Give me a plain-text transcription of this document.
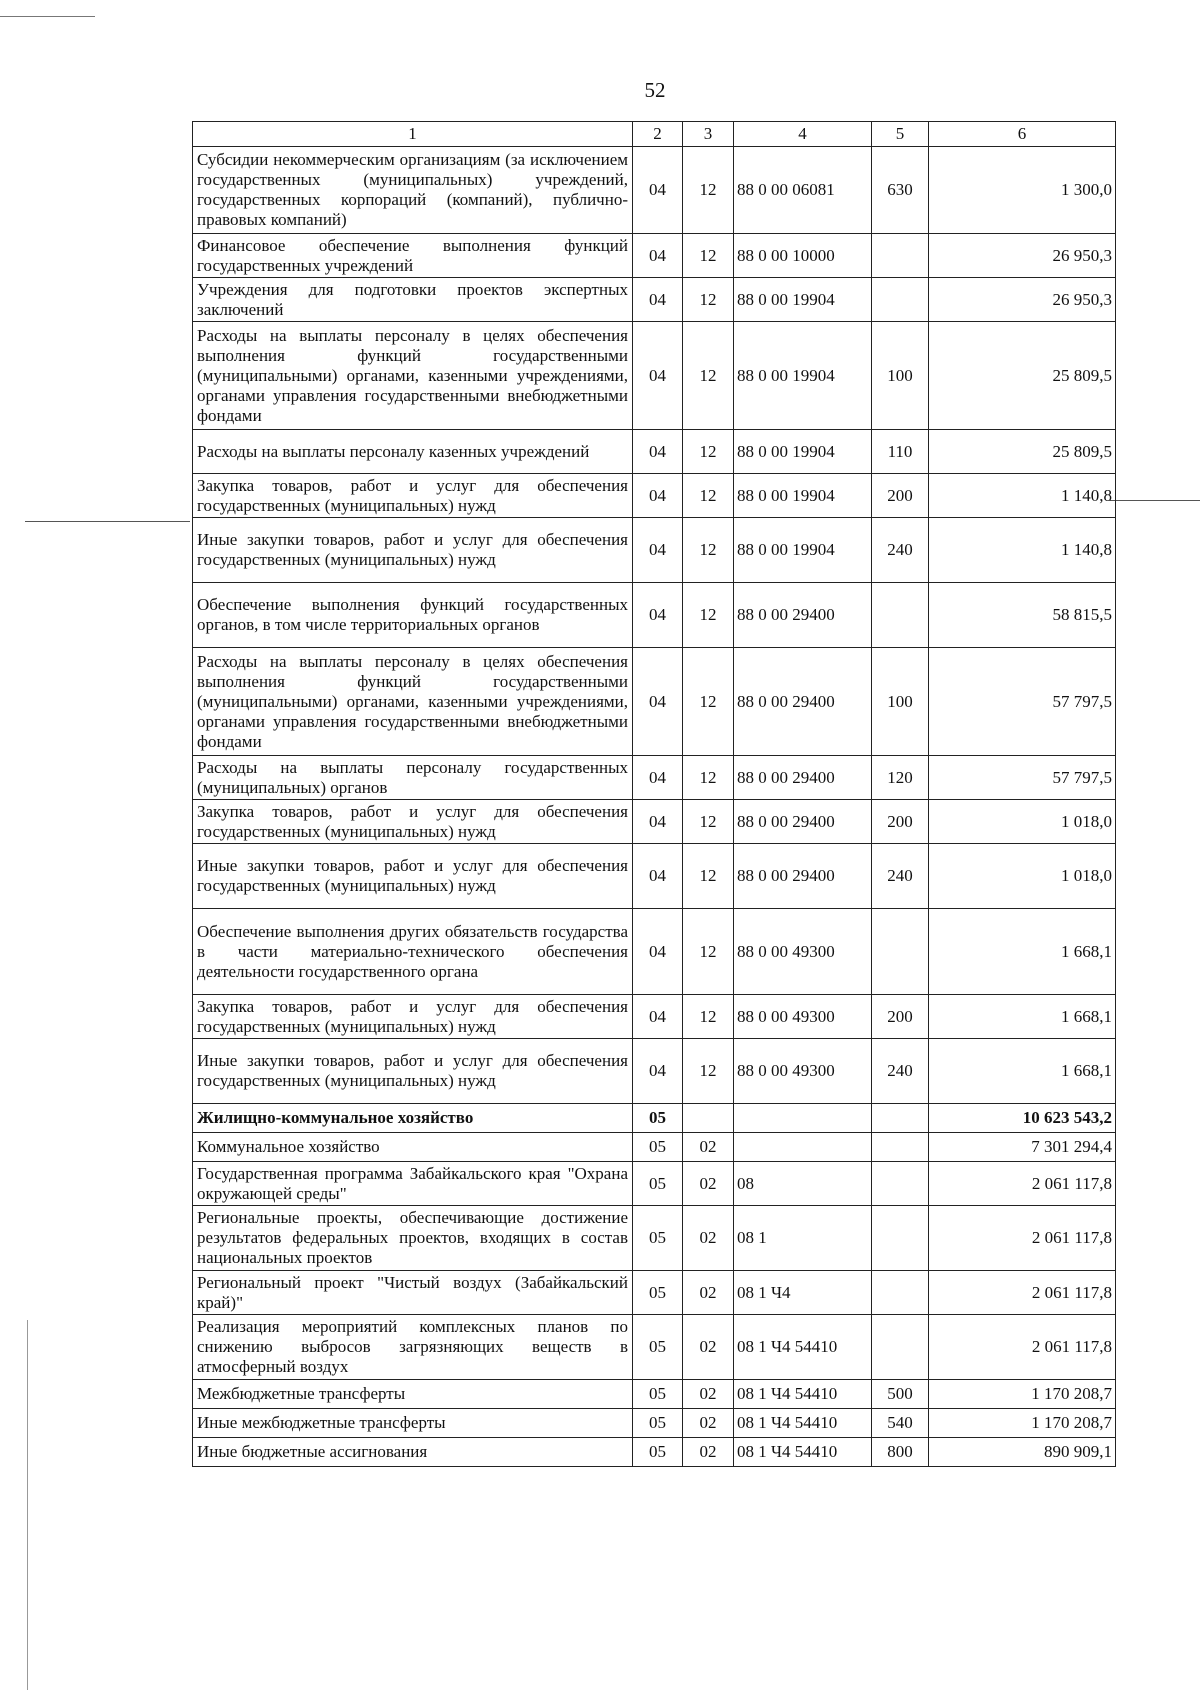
52
1	2	3	4	5	6
Субсидии некоммерческим организациям (за исключением государственных (муниципальных) учреждений, государственных корпораций (компаний), публично-правовых компаний)	04	12	88 0 00 06081	630	1 300,0
Финансовое обеспечение выполнения функций государственных учреждений	04	12	88 0 00 10000		26 950,3
Учреждения для подготовки проектов экспертных заключений	04	12	88 0 00 19904		26 950,3
Расходы на выплаты персоналу в целях обеспечения выполнения функций государственными (муниципальными) органами, казенными учреждениями, органами управления государственными внебюджетными фондами	04	12	88 0 00 19904	100	25 809,5
Расходы на выплаты персоналу казенных учреждений	04	12	88 0 00 19904	110	25 809,5
Закупка товаров, работ и услуг для обеспечения государственных (муниципальных) нужд	04	12	88 0 00 19904	200	1 140,8
Иные закупки товаров, работ и услуг для обеспечения государственных (муниципальных) нужд	04	12	88 0 00 19904	240	1 140,8
Обеспечение выполнения функций государственных органов, в том числе территориальных органов	04	12	88 0 00 29400		58 815,5
Расходы на выплаты персоналу в целях обеспечения выполнения функций государственными (муниципальными) органами, казенными учреждениями, органами управления государственными внебюджетными фондами	04	12	88 0 00 29400	100	57 797,5
Расходы на выплаты персоналу государственных (муниципальных) органов	04	12	88 0 00 29400	120	57 797,5
Закупка товаров, работ и услуг для обеспечения государственных (муниципальных) нужд	04	12	88 0 00 29400	200	1 018,0
Иные закупки товаров, работ и услуг для обеспечения государственных (муниципальных) нужд	04	12	88 0 00 29400	240	1 018,0
Обеспечение выполнения других обязательств государства в части материально-технического обеспечения деятельности государственного органа	04	12	88 0 00 49300		1 668,1
Закупка товаров, работ и услуг для обеспечения государственных (муниципальных) нужд	04	12	88 0 00 49300	200	1 668,1
Иные закупки товаров, работ и услуг для обеспечения государственных (муниципальных) нужд	04	12	88 0 00 49300	240	1 668,1
Жилищно-коммунальное хозяйство	05				10 623 543,2
Коммунальное хозяйство	05	02			7 301 294,4
Государственная программа Забайкальского края "Охрана окружающей среды"	05	02	08		2 061 117,8
Региональные проекты, обеспечивающие достижение результатов федеральных проектов, входящих в состав национальных проектов	05	02	08 1		2 061 117,8
Региональный проект "Чистый воздух (Забайкальский край)"	05	02	08 1 Ч4		2 061 117,8
Реализация мероприятий комплексных планов по снижению выбросов загрязняющих веществ в атмосферный воздух	05	02	08 1 Ч4 54410		2 061 117,8
Межбюджетные трансферты	05	02	08 1 Ч4 54410	500	1 170 208,7
Иные межбюджетные трансферты	05	02	08 1 Ч4 54410	540	1 170 208,7
Иные бюджетные ассигнования	05	02	08 1 Ч4 54410	800	890 909,1
